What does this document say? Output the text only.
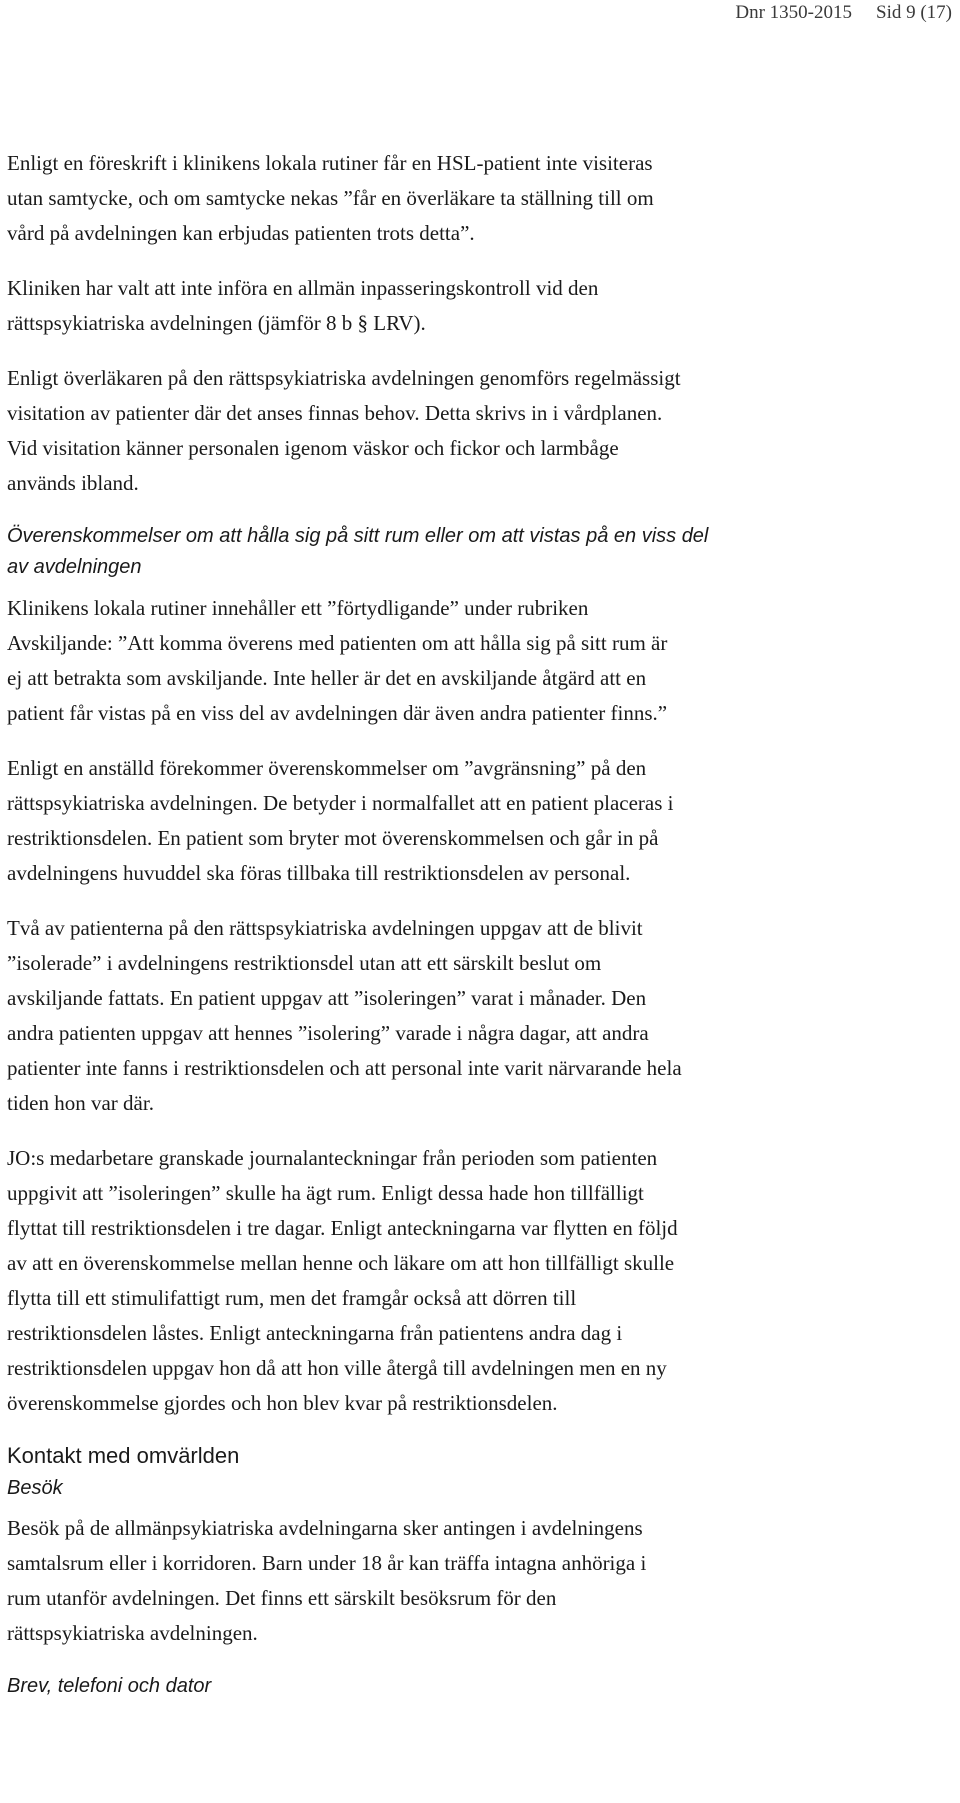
Dnr 1350-2015 Sid 9 (17)
Enligt en föreskrift i klinikens lokala rutiner får en HSL-patient inte visiteras
utan samtycke, och om samtycke nekas ”får en överläkare ta ställning till om
vård på avdelningen kan erbjudas patienten trots detta”.
Kliniken har valt att inte införa en allmän inpasseringskontroll vid den
rättspsykiatriska avdelningen (jämför 8 b § LRV).
Enligt överläkaren på den rättspsykiatriska avdelningen genomförs regelmässigt
visitation av patienter där det anses finnas behov. Detta skrivs in i vårdplanen.
Vid visitation känner personalen igenom väskor och fickor och larmbåge
används ibland.
Överenskommelser om att hålla sig på sitt rum eller om att vistas på en viss del
av avdelningen
Klinikens lokala rutiner innehåller ett ”förtydligande” under rubriken
Avskiljande: ”Att komma överens med patienten om att hålla sig på sitt rum är
ej att betrakta som avskiljande. Inte heller är det en avskiljande åtgärd att en
patient får vistas på en viss del av avdelningen där även andra patienter finns.”
Enligt en anställd förekommer överenskommelser om ”avgränsning” på den
rättspsykiatriska avdelningen. De betyder i normalfallet att en patient placeras i
restriktionsdelen. En patient som bryter mot överenskommelsen och går in på
avdelningens huvuddel ska föras tillbaka till restriktionsdelen av personal.
Två av patienterna på den rättspsykiatriska avdelningen uppgav att de blivit
”isolerade” i avdelningens restriktionsdel utan att ett särskilt beslut om
avskiljande fattats. En patient uppgav att ”isoleringen” varat i månader. Den
andra patienten uppgav att hennes ”isolering” varade i några dagar, att andra
patienter inte fanns i restriktionsdelen och att personal inte varit närvarande hela
tiden hon var där.
JO:s medarbetare granskade journalanteckningar från perioden som patienten
uppgivit att ”isoleringen” skulle ha ägt rum. Enligt dessa hade hon tillfälligt
flyttat till restriktionsdelen i tre dagar. Enligt anteckningarna var flytten en följd
av att en överenskommelse mellan henne och läkare om att hon tillfälligt skulle
flytta till ett stimulifattigt rum, men det framgår också att dörren till
restriktionsdelen låstes. Enligt anteckningarna från patientens andra dag i
restriktionsdelen uppgav hon då att hon ville återgå till avdelningen men en ny
överenskommelse gjordes och hon blev kvar på restriktionsdelen.
Kontakt med omvärlden
Besök
Besök på de allmänpsykiatriska avdelningarna sker antingen i avdelningens
samtalsrum eller i korridoren. Barn under 18 år kan träffa intagna anhöriga i
rum utanför avdelningen. Det finns ett särskilt besöksrum för den
rättspsykiatriska avdelningen.
Brev, telefoni och dator
